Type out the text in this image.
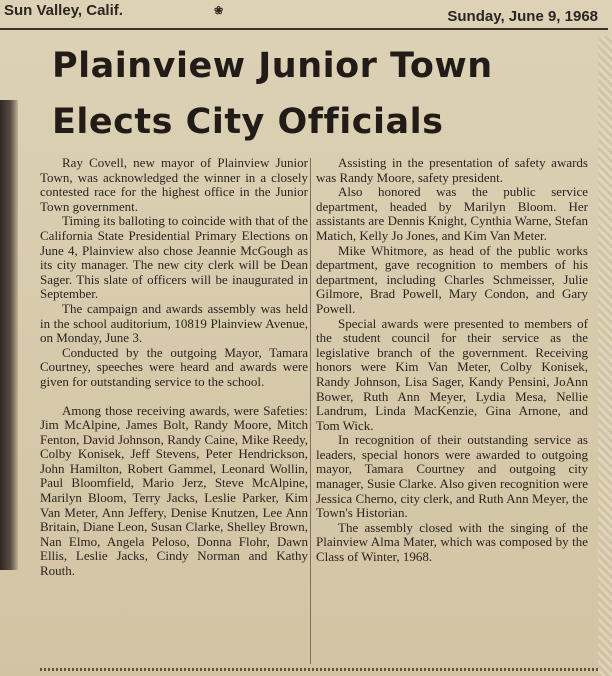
Sun Valley, Calif.	❀	Sunday, June 9, 1968
Plainview Junior Town
Elects City Officials

Ray Covell, new mayor of Plainview Junior Town, was acknowledged the winner in a closely contested race for the highest office in the Junior Town government.

Timing its balloting to coincide with that of the California State Presidential Primary Elections on June 4, Plainview also chose Jeannie McGough as its city manager. The new city clerk will be Dean Sager. This slate of officers will be inaugurated in September.

The campaign and awards assembly was held in the school auditorium, 10819 Plainview Avenue, on Monday, June 3.

Conducted by the outgoing Mayor, Tamara Courtney, speeches were heard and awards were given for outstanding service to the school.

Among those receiving awards, were Safeties: Jim McAlpine, James Bolt, Randy Moore, Mitch Fenton, David Johnson, Randy Caine, Mike Reedy, Colby Konisek, Jeff Stevens, Peter Hendrickson, John Hamilton, Robert Gammel, Leonard Wollin, Paul Bloomfield, Mario Jerz, Steve McAlpine, Marilyn Bloom, Terry Jacks, Leslie Parker, Kim Van Meter, Ann Jeffery, Denise Knutzen, Lee Ann Britain, Diane Leon, Susan Clarke, Shelley Brown, Nan Elmo, Angela Peloso, Donna Flohr, Dawn Ellis, Leslie Jacks, Cindy Norman and Kathy Routh.

Assisting in the presentation of safety awards was Randy Moore, safety president.

Also honored was the public service department, headed by Marilyn Bloom. Her assistants are Dennis Knight, Cynthia Warne, Stefan Matich, Kelly Jo Jones, and Kim Van Meter.

Mike Whitmore, as head of the public works department, gave recognition to members of his department, including Charles Schmeisser, Julie Gilmore, Brad Powell, Mary Condon, and Gary Powell.

Special awards were presented to members of the student council for their service as the legislative branch of the government. Receiving honors were Kim Van Meter, Colby Konisek, Randy Johnson, Lisa Sager, Kandy Pensini, JoAnn Bower, Ruth Ann Meyer, Lydia Mesa, Nellie Landrum, Linda MacKenzie, Gina Arnone, and Tom Wick.

In recognition of their outstanding service as leaders, special honors were awarded to outgoing mayor, Tamara Courtney and outgoing city manager, Susie Clarke. Also given recognition were Jessica Cherno, city clerk, and Ruth Ann Meyer, the Town's Historian.

The assembly closed with the singing of the Plainview Alma Mater, which was composed by the Class of Winter, 1968.
